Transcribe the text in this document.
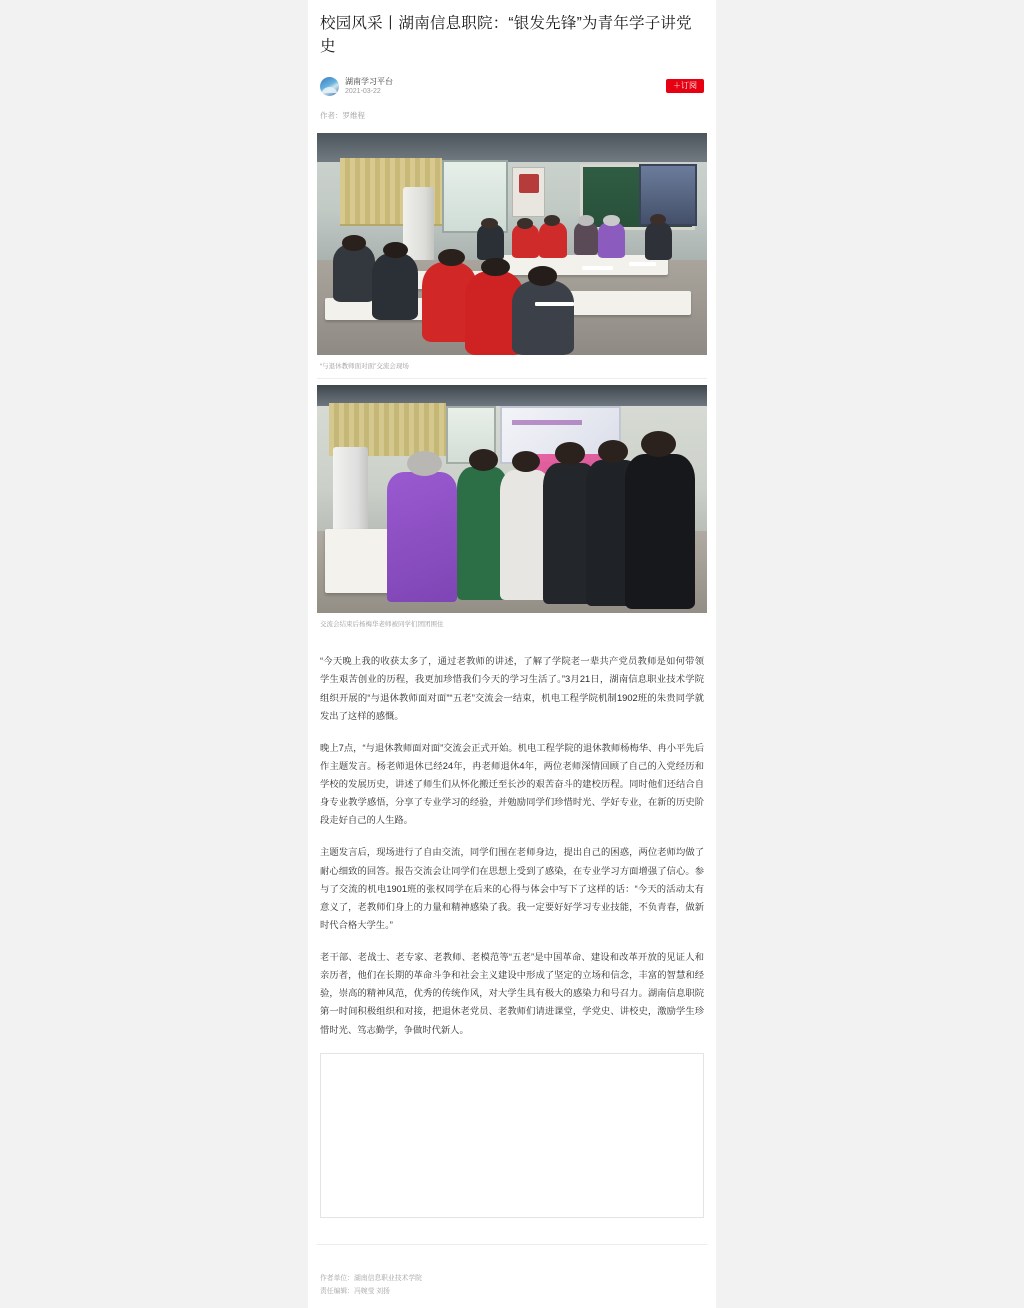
校园风采丨湖南信息职院：“银发先锋”为青年学子讲党史
湖南学习平台
2021-03-22
＋订阅
作者：罗维程
“与退休教师面对面”交流会现场
交流会结束后杨梅华老师被同学们团团围住

“今天晚上我的收获太多了，通过老教师的讲述，了解了学院老一辈共产党员教师是如何带领学生艰苦创业的历程，我更加珍惜我们今天的学习生活了。”3月21日，湖南信息职业技术学院组织开展的“与退休教师面对面”“五老”交流会一结束，机电工程学院机制1902班的朱贵同学就发出了这样的感慨。

晚上7点，“与退休教师面对面”交流会正式开始。机电工程学院的退休教师杨梅华、冉小平先后作主题发言。杨老师退休已经24年，冉老师退休4年，两位老师深情回顾了自己的入党经历和学校的发展历史，讲述了师生们从怀化搬迁至长沙的艰苦奋斗的建校历程。同时他们还结合自身专业教学感悟，分享了专业学习的经验，并勉励同学们珍惜时光、学好专业，在新的历史阶段走好自己的人生路。

主题发言后，现场进行了自由交流，同学们围在老师身边，提出自己的困惑，两位老师均做了耐心细致的回答。报告交流会让同学们在思想上受到了感染，在专业学习方面增强了信心。参与了交流的机电1901班的张权同学在后来的心得与体会中写下了这样的话：“今天的活动太有意义了，老教师们身上的力量和精神感染了我。我一定要好好学习专业技能，不负青春，做新时代合格大学生。”

老干部、老战士、老专家、老教师、老模范等“五老”是中国革命、建设和改革开放的见证人和亲历者，他们在长期的革命斗争和社会主义建设中形成了坚定的立场和信念，丰富的智慧和经验，崇高的精神风范，优秀的传统作风，对大学生具有极大的感染力和号召力。湖南信息职院第一时间积极组织和对接，把退休老党员、老教师们请进课堂，学党史、讲校史，激励学生珍惜时光、笃志勤学，争做时代新人。

作者单位：湖南信息职业技术学院
责任编辑：冯婉莹 刘扬
